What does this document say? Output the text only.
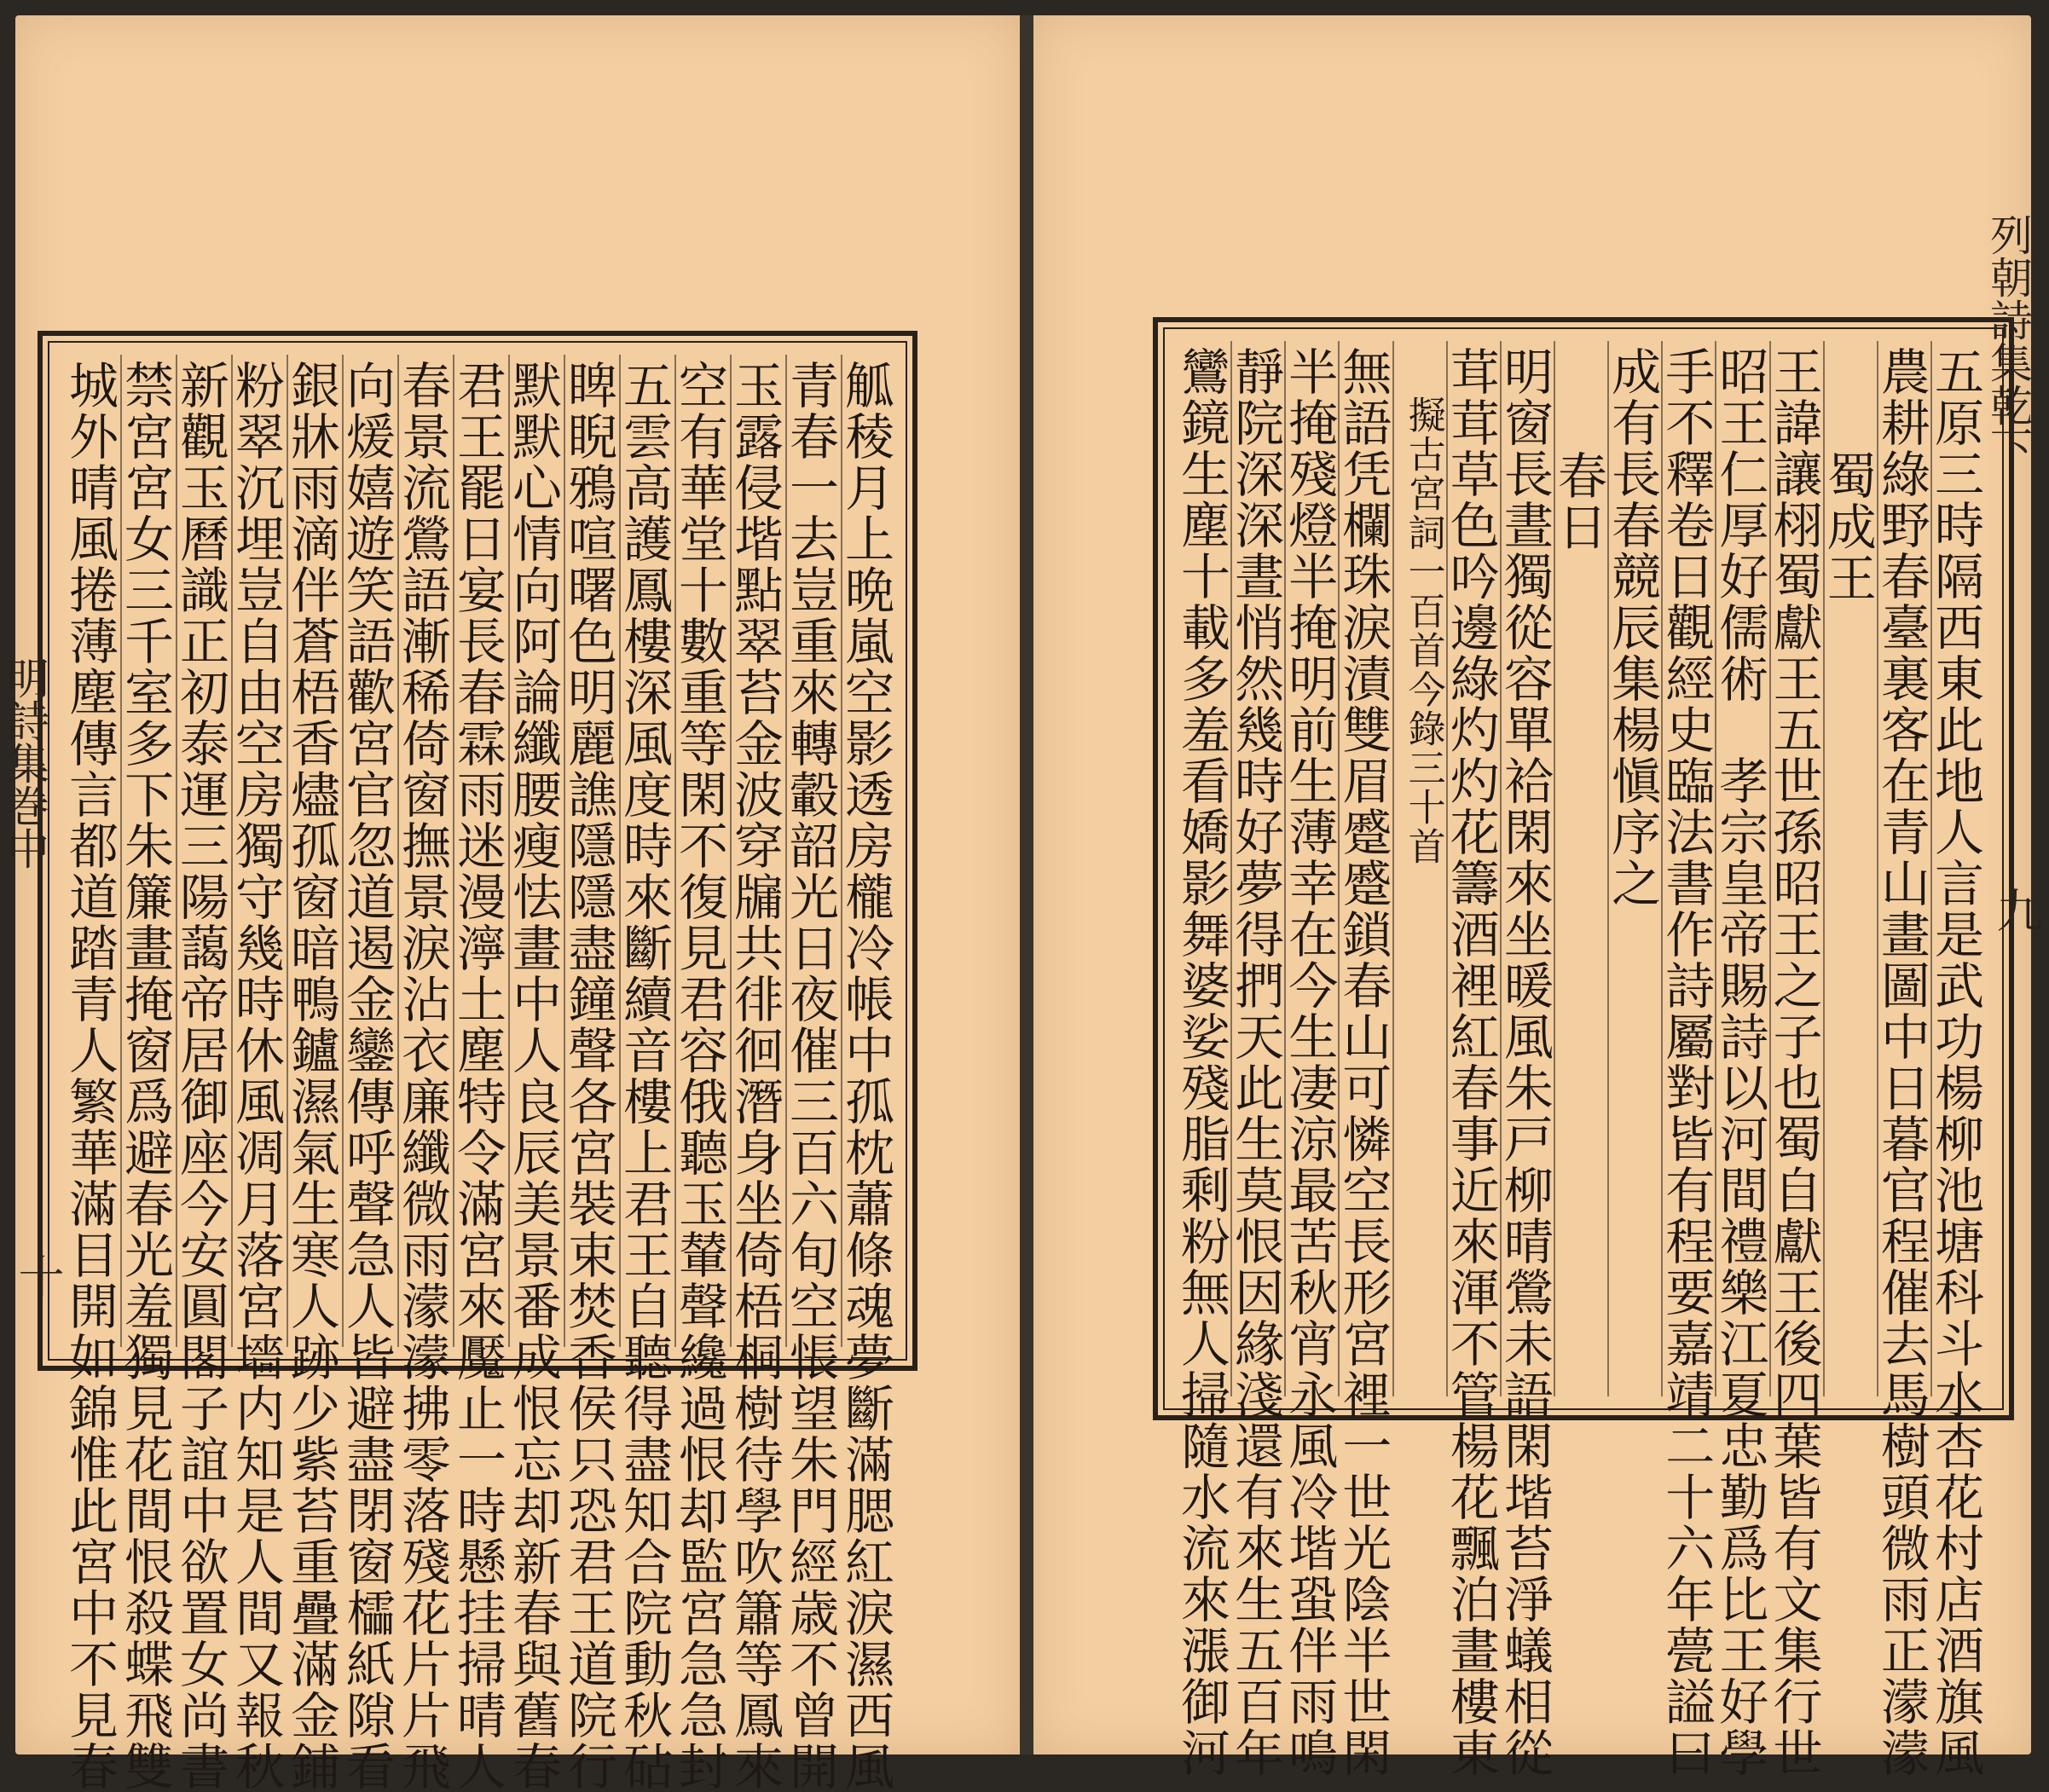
明詩集巻中
十
列朝詩集乾下
九
觚稜月上晩嵐空影透房櫳冷帳中孤枕蕭條魂夢斷滿腮紅淚濕西風
青春一去豈重來轉轂韶光日夜催三百六旬空悵望朱門經歳不曾開
玉露侵堦點翠苔金波穿牖共徘徊潛身坐倚梧桐樹待學吹簫等鳳來
空有華堂十數重等閑不復見君容俄聽玉輦聲纔過恨却監宮急急封
五雲高護鳳樓深風度時來斷續音樓上君王自聽得盡知合院動秋砧
睥睨鴉喧曙色明麗譙隱隱盡鐘聲各宮裝束焚香侯只恐君王道院行
默默心情向阿論纖腰瘦怯畫中人良辰美景番成恨忘却新春與舊春
君王罷日宴長春霖雨迷漫濘土塵特令滿宮來魘止一時懸挂掃晴人
春景流鶯語漸稀倚窗撫景淚沾衣廉纖微雨濛濛拂零落殘花片片飛
向煖嬉遊笑語歡宮官忽道遏金鑾傳呼聲急人皆避盡閉窗櫺紙隙看
銀牀雨滴伴蒼梧香燼孤窗暗鴨鑪濕氣生寒人跡少紫苔重疊滿金鋪
粉翠沉埋豈自由空房獨守幾時休風凋月落宮墻内知是人間又報秋
新觀玉曆識正初泰運三陽藹帝居御座今安圓閣子誼中欲置女尚書
禁宮宮女三千室多下朱簾畫掩窗爲避春光羞獨見花間恨殺蝶飛雙
城外晴風捲薄塵傳言都道踏青人繁華滿目開如錦惟此宮中不見春	五原三時隔西東此地人言是武功楊柳池塘科斗水杏花村店酒旗風
農耕綠野春臺裏客在青山畫圖中日暮官程催去馬樹頭微雨正濛濛
蜀成王
王諱讓栩蜀獻王五世孫昭王之子也蜀自獻王後四葉皆有文集行世
昭王仁厚好儒術　孝宗皇帝賜詩以河間禮樂江夏忠勤爲比王好學
手不釋卷日觀經史臨法書作詩屬對皆有程要嘉靖二十六年甍謚曰
成有長春競辰集楊愼序之
春日
明窗長晝獨從容單袷閑來坐暖風朱戸柳晴鶯未語閑堦苔淨蟻相從
茸茸草色吟邊綠灼灼花籌酒裡紅春事近來渾不管楊花飄泊畫樓東
擬古宮詞一百首今錄三十首
無語凭欄珠淚漬雙眉蹙蹙鎖春山可憐空長形宮裡一世光陰半世閑
半掩殘燈半掩明前生薄幸在今生凄涼最苦秋宵永風冷堦蛩伴雨鳴
靜院深深晝悄然幾時好夢得捫天此生莫恨因緣淺還有來生五百年
鸞鏡生塵十載多羞看嬌影舞婆娑殘脂剩粉無人掃隨水流來漲御河
